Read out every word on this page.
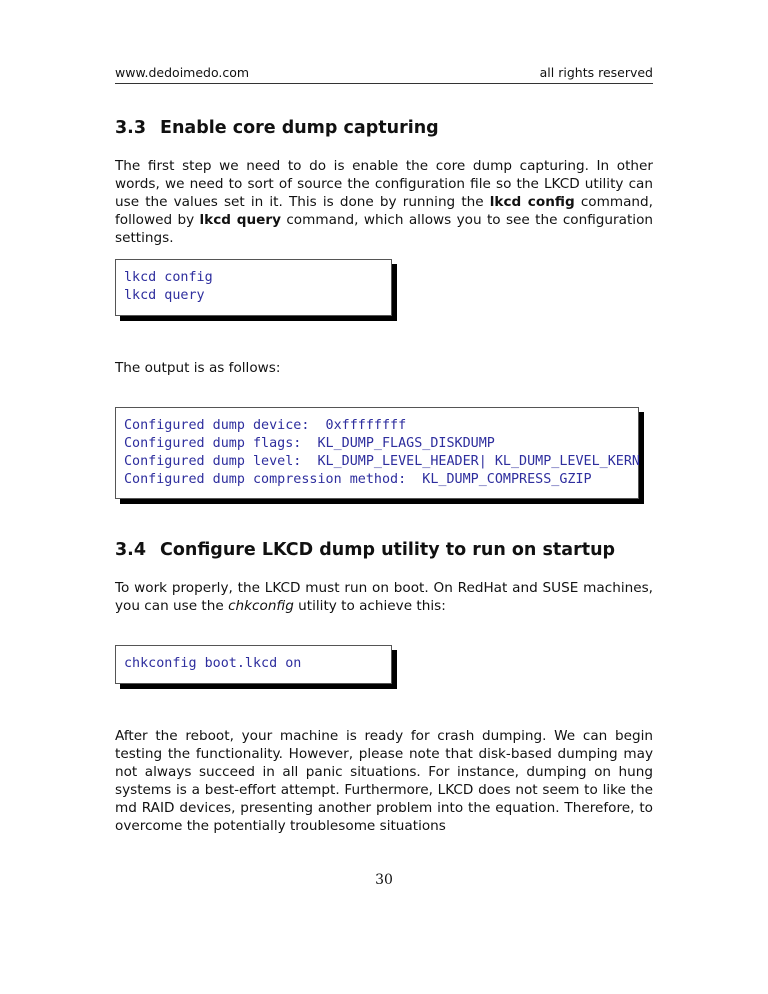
www.dedoimedo.com	all rights reserved
3.3 Enable core dump capturing

The first step we need to do is enable the core dump capturing. In other words, we need to sort of source the configuration file so the LKCD utility can use the values set in it. This is done by running the lkcd config command, followed by lkcd query command, which allows you to see the configuration settings.

lkcd config
lkcd query

The output is as follows:

Configured dump device:  0xffffffff
Configured dump flags:  KL_DUMP_FLAGS_DISKDUMP
Configured dump level:  KL_DUMP_LEVEL_HEADER| KL_DUMP_LEVEL_KERN
Configured dump compression method:  KL_DUMP_COMPRESS_GZIP
3.4 Configure LKCD dump utility to run on startup

To work properly, the LKCD must run on boot. On RedHat and SUSE machines, you can use the chkconfig utility to achieve this:

chkconfig boot.lkcd on

After the reboot, your machine is ready for crash dumping. We can begin testing the functionality. However, please note that disk-based dumping may not always succeed in all panic situations. For instance, dumping on hung systems is a best-effort attempt. Furthermore, LKCD does not seem to like the md RAID devices, presenting another problem into the equation. Therefore, to overcome the potentially troublesome situations

30
